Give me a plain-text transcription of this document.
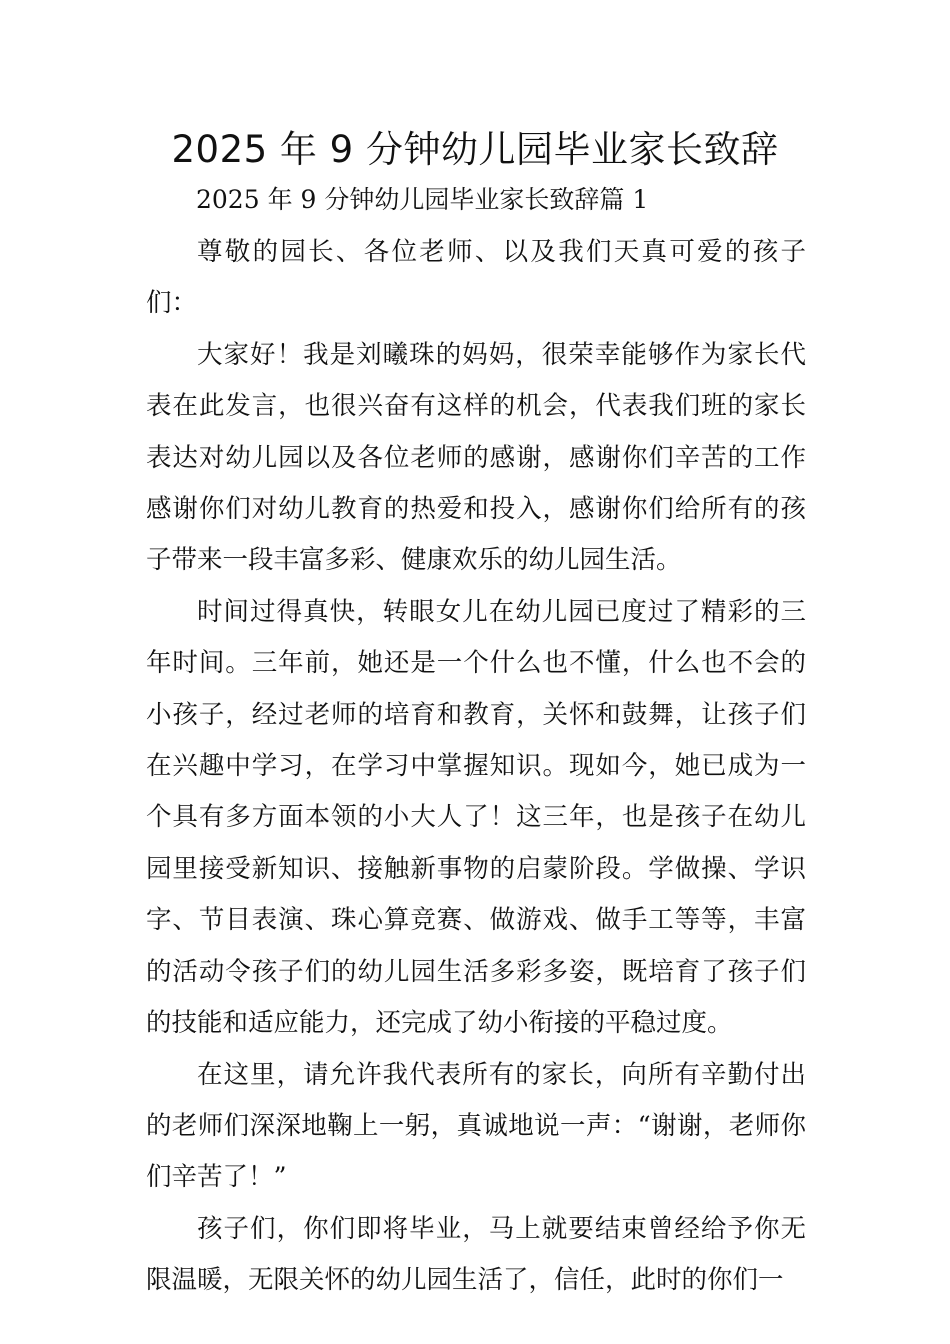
2025 年 9 分钟幼儿园毕业家长致辞

2025 年 9 分钟幼儿园毕业家长致辞篇 1

尊敬的园长、各位老师、以及我们天真可爱的孩子们：

大家好！我是刘曦珠的妈妈，很荣幸能够作为家长代表在此发言，也很兴奋有这样的机会，代表我们班的家长表达对幼儿园以及各位老师的感谢，感谢你们辛苦的工作感谢你们对幼儿教育的热爱和投入，感谢你们给所有的孩子带来一段丰富多彩、健康欢乐的幼儿园生活。

时间过得真快，转眼女儿在幼儿园已度过了精彩的三年时间。三年前，她还是一个什么也不懂，什么也不会的小孩子，经过老师的培育和教育，关怀和鼓舞，让孩子们在兴趣中学习，在学习中掌握知识。现如今，她已成为一个具有多方面本领的小大人了！这三年，也是孩子在幼儿园里接受新知识、接触新事物的启蒙阶段。学做操、学识字、节目表演、珠心算竞赛、做游戏、做手工等等，丰富的活动令孩子们的幼儿园生活多彩多姿，既培育了孩子们的技能和适应能力，还完成了幼小衔接的平稳过度。

在这里，请允许我代表所有的家长，向所有辛勤付出的老师们深深地鞠上一躬，真诚地说一声：“谢谢，老师你们辛苦了！”

孩子们，你们即将毕业，马上就要结束曾经给予你无限温暖，无限关怀的幼儿园生活了，信任，此时的你们一
